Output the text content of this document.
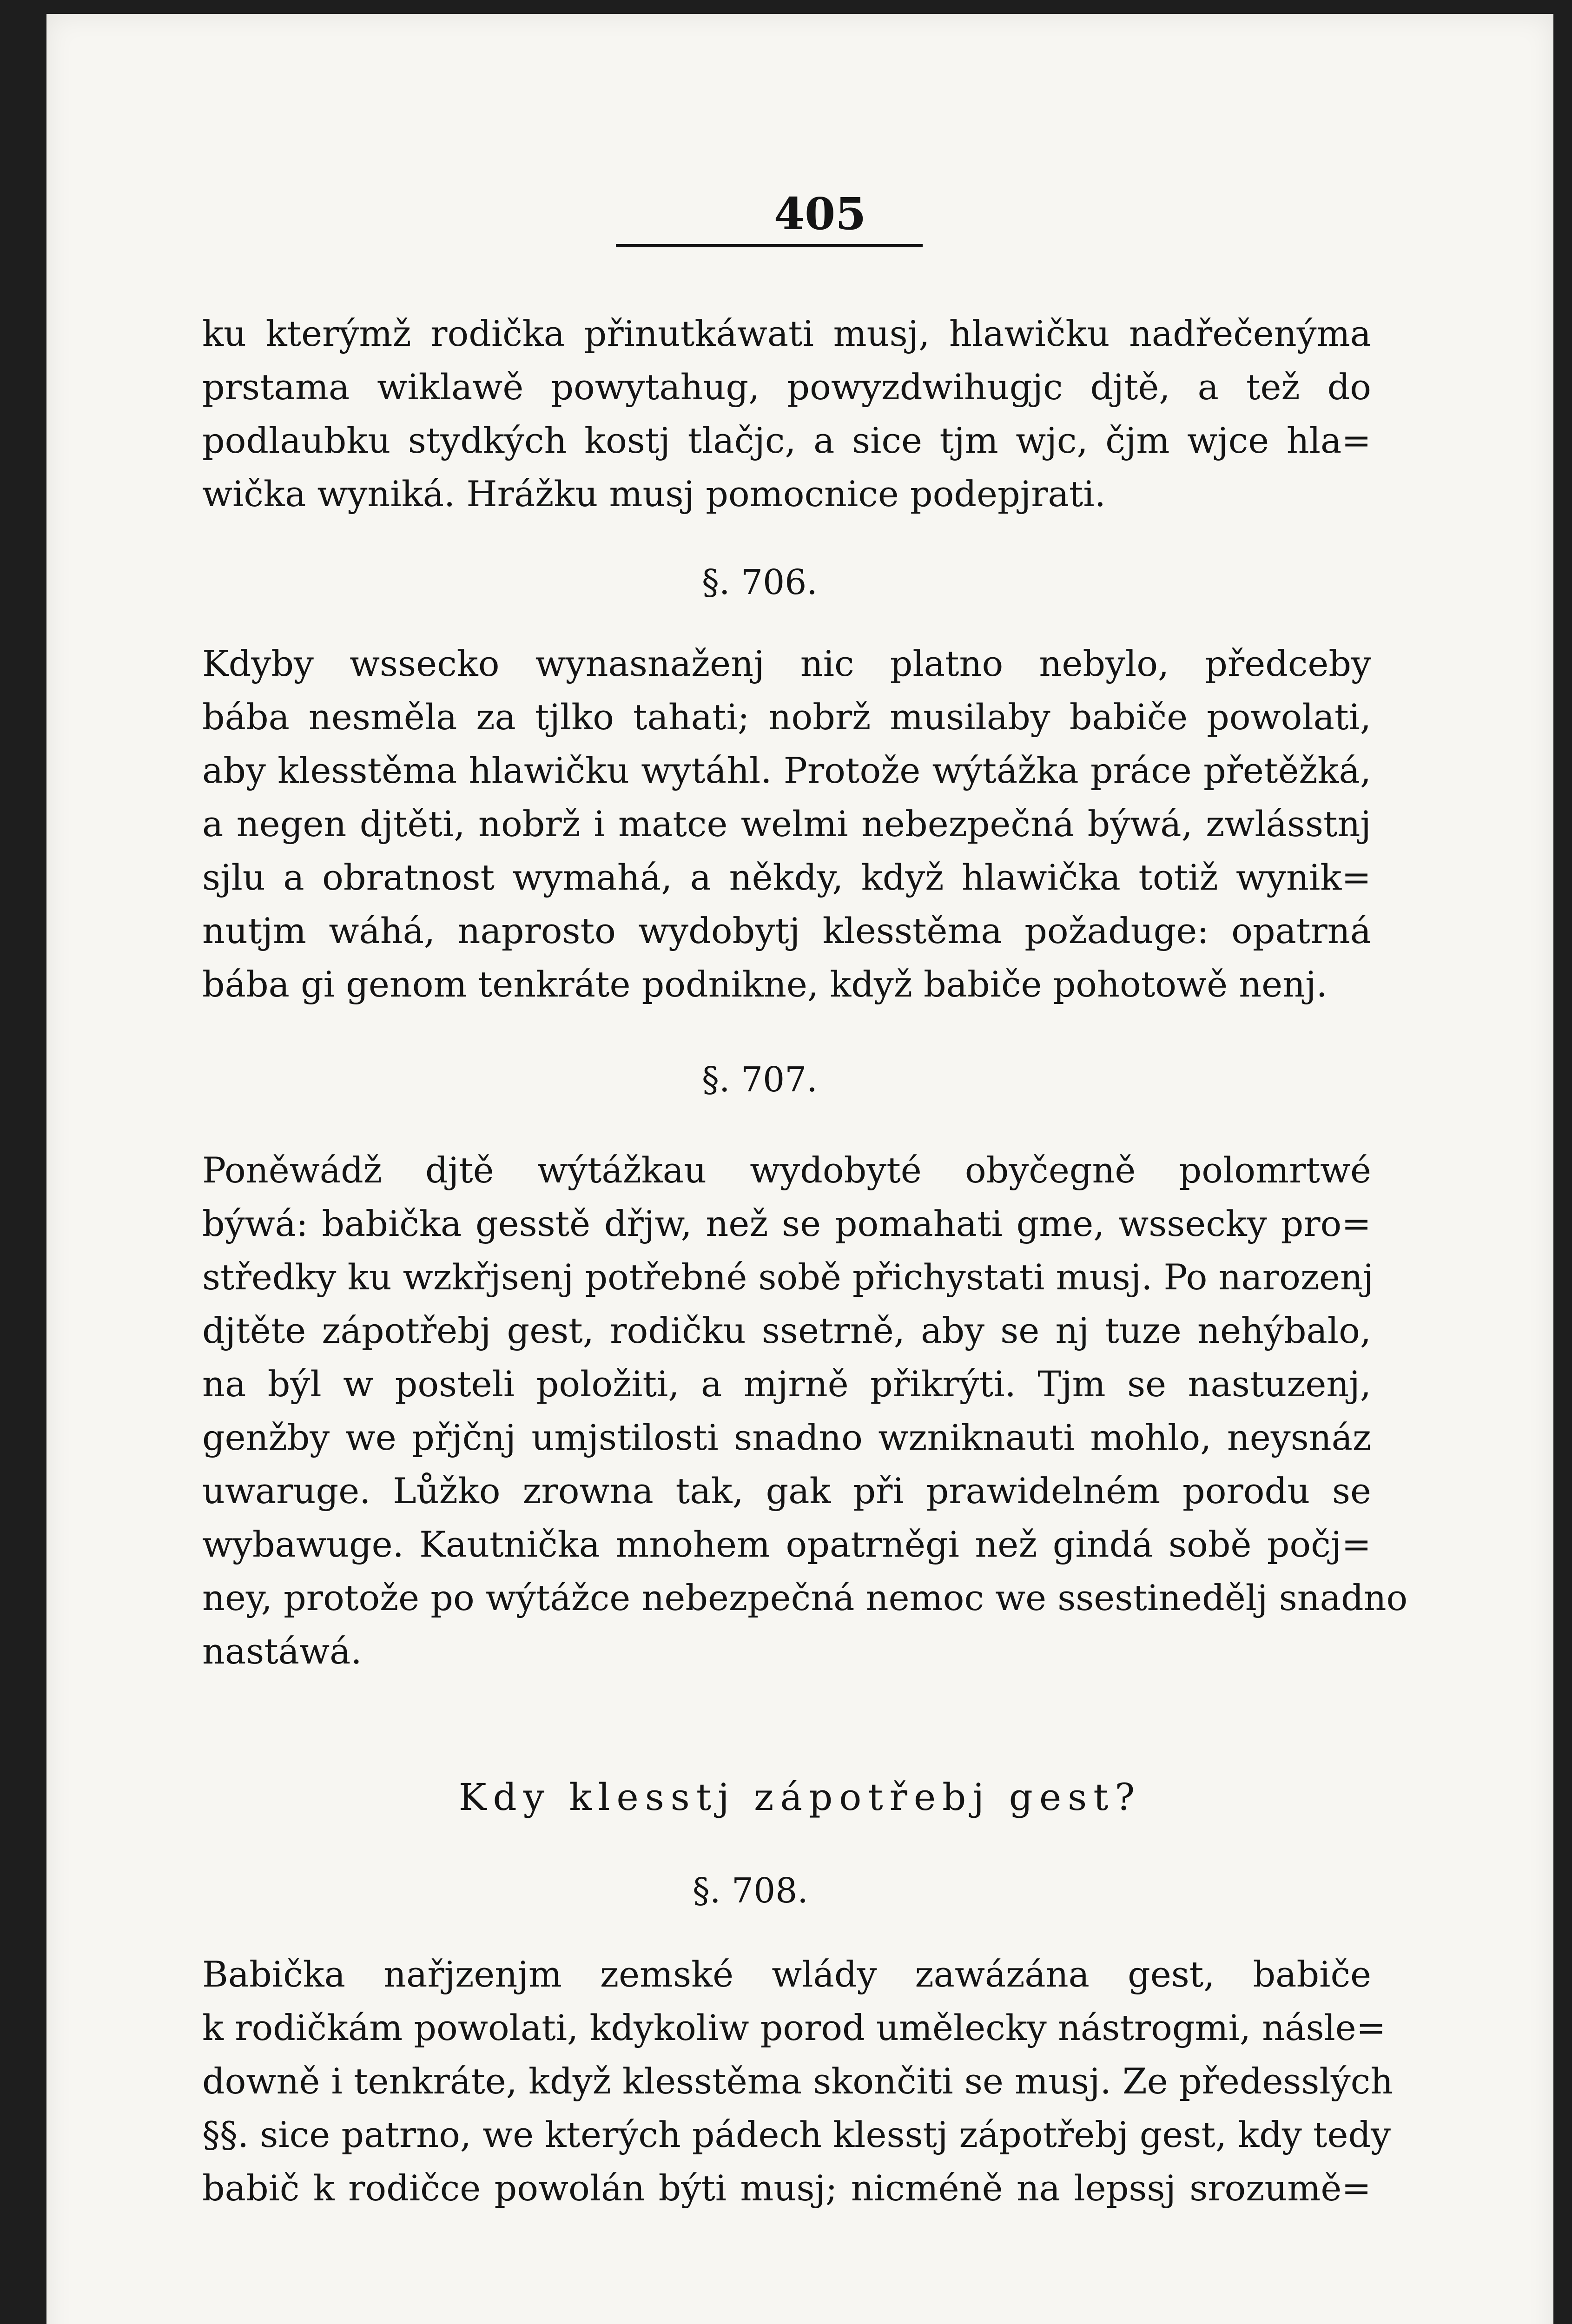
405
ku kterýmž rodička přinutkáwati musj, hlawičku nadřečenýma
prstama wiklawě powytahug, powyzdwihugjc djtě, a tež do
podlaubku stydkých kostj tlačjc, a sice tjm wjc, čjm wjce hla=
wička wyniká. Hrážku musj pomocnice podepjrati.
§. 706.
Kdyby wssecko wynasnaženj nic platno nebylo, předceby
bába nesměla za tjlko tahati; nobrž musilaby babiče powolati,
aby klesstěma hlawičku wytáhl. Protože wýtážka práce přetěžká,
a negen djtěti, nobrž i matce welmi nebezpečná býwá, zwlásstnj
sjlu a obratnost wymahá, a někdy, když hlawička totiž wynik=
nutjm wáhá, naprosto wydobytj klesstěma požaduge: opatrná
bába gi genom tenkráte podnikne, když babiče pohotowě nenj.
§. 707.
Poněwádž djtě wýtážkau wydobyté obyčegně polomrtwé
býwá: babička gesstě dřjw, než se pomahati gme, wssecky pro=
středky ku wzkřjsenj potřebné sobě přichystati musj. Po narozenj
djtěte zápotřebj gest, rodičku ssetrně, aby se nj tuze nehýbalo,
na býl w posteli položiti, a mjrně přikrýti. Tjm se nastuzenj,
genžby we přjčnj umjstilosti snadno wzniknauti mohlo, neysnáz
uwaruge. Lůžko zrowna tak, gak při prawidelném porodu se
wybawuge. Kautnička mnohem opatrněgi než gindá sobě počj=
ney, protože po wýtážce nebezpečná nemoc we ssestinedělj snadno
nastáwá.
Kdy klesstj zápotřebj gest?
§. 708.
Babička nařjzenjm zemské wlády zawázána gest, babiče
k rodičkám powolati, kdykoliw porod umělecky nástrogmi, násle=
downě i tenkráte, když klesstěma skončiti se musj. Ze předesslých
§§. sice patrno, we kterých pádech klesstj zápotřebj gest, kdy tedy
babič k rodičce powolán býti musj; nicméně na lepssj srozumě=
